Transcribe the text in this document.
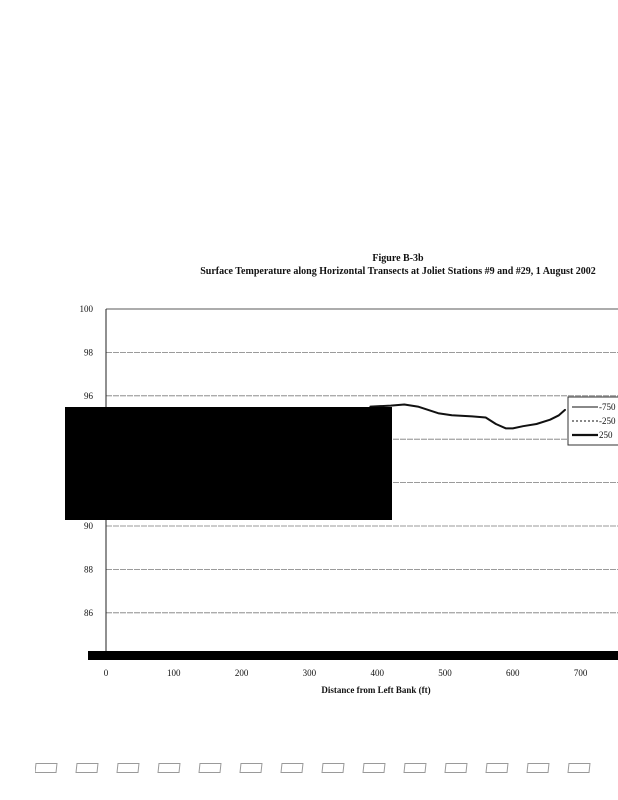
Figure B-3b
Surface Temperature along Horizontal Transects at Joliet Stations #9 and #29, 1 August 2002
100
98
96
90
88
86
0	100	200	300	400	500	600	700
Distance from Left Bank (ft)
-750
-250
250
